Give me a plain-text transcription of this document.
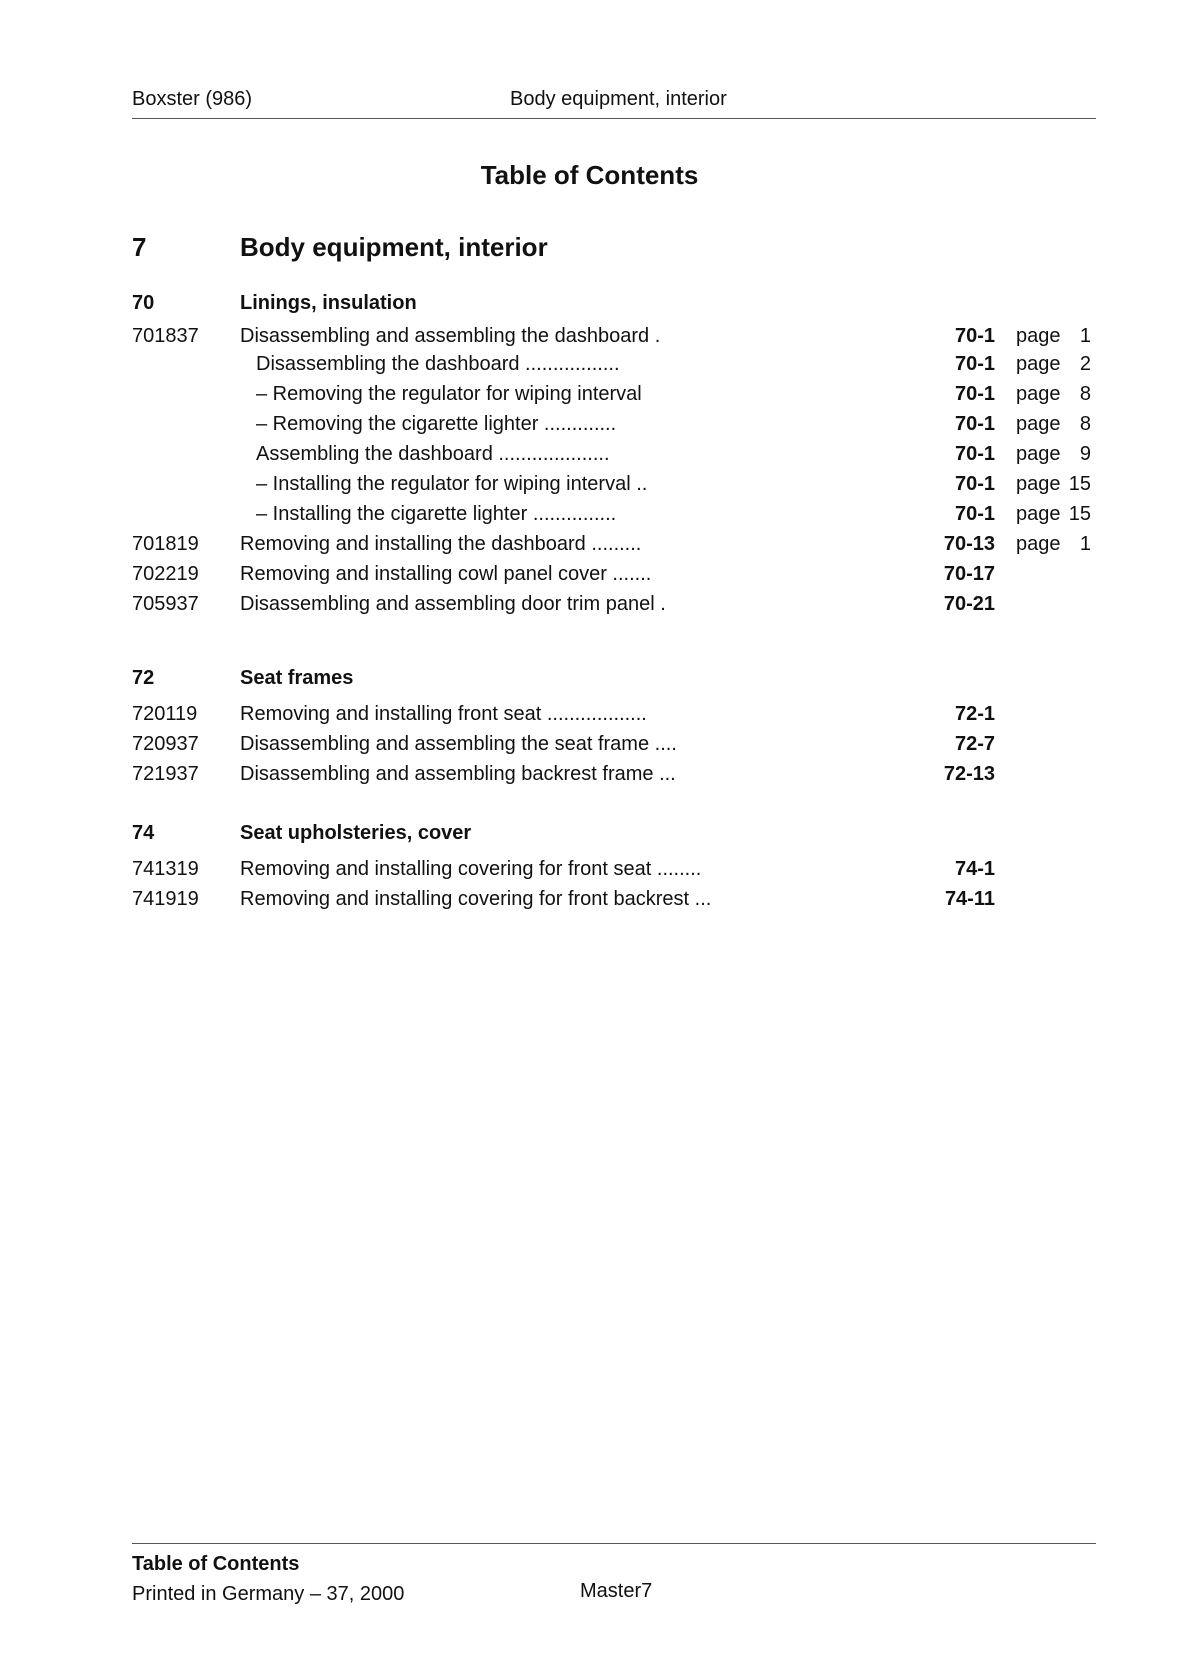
Boxster (986)	Body equipment, interior
Table of Contents
7	Body equipment, interior
70	Linings, insulation
701837 Disassembling and assembling the dashboard .	70-1 page 1
Disassembling the dashboard .................	70-1 page 2
– Removing the regulator for wiping interval	70-1 page 8
– Removing the cigarette lighter .............	70-1 page 8
Assembling the dashboard ....................	70-1 page 9
– Installing the regulator for wiping interval ..	70-1 page 15
– Installing the cigarette lighter ...............	70-1 page 15
701819 Removing and installing the dashboard .........	70-13 page 1
702219 Removing and installing cowl panel cover .......	70-17
705937 Disassembling and assembling door trim panel .	70-21
72	Seat frames
720119 Removing and installing front seat ..................	72-1
720937 Disassembling and assembling the seat frame ....	72-7
721937 Disassembling and assembling backrest frame ...	72-13
74	Seat upholsteries, cover
741319 Removing and installing covering for front seat ........	74-1
741919 Removing and installing covering for front backrest ...	74-11
Table of Contents
Printed in Germany – 37, 2000	Master7
